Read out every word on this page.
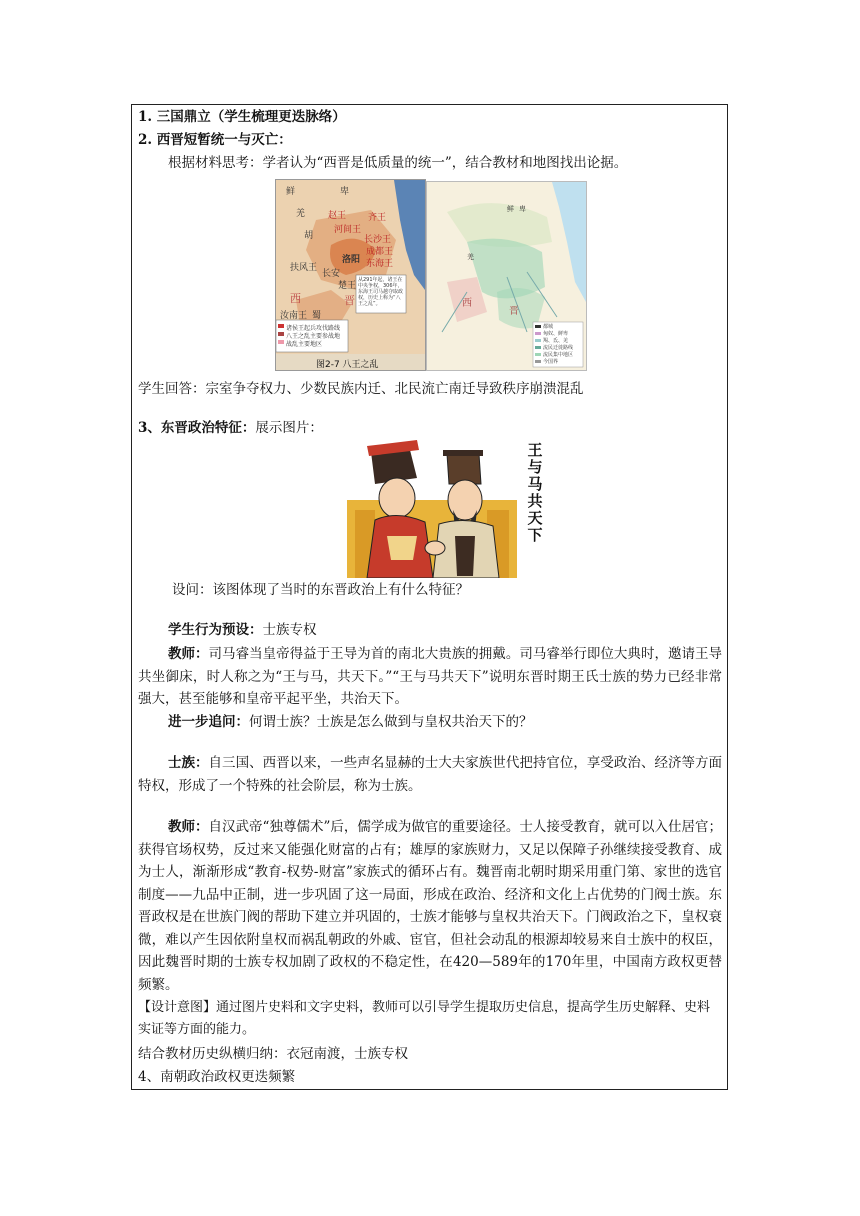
1. 三国鼎立（学生梳理更迭脉络）
2. 西晋短暂统一与灭亡：
根据材料思考：学者认为“西晋是低质量的统一”，结合教材和地图找出论据。
鲜	卑
羌
胡
赵王
河间王
齐王
长沙王
成都王
东海王
扶风王
长安
洛阳
楚王
西
汝南王 蜀
晋
诸侯王起兵攻伐路线
八王之乱主要参战地
战乱主要地区
从291年起，诸王在中央争权，306年，东海王司马越夺取政权，历史上称为“八王之乱”。
图2-7 八王之乱
鲜 卑
羌
西
晋
都城
匈奴、鲜卑
羯、氐、羌
流民迁徙路线
流民集中地区
今国界
学生回答：宗室争夺权力、少数民族内迁、北民流亡南迁导致秩序崩溃混乱
3、东晋政治特征：展示图片：
王
与
马
共
天
下
设问：该图体现了当时的东晋政治上有什么特征？
学生行为预设：士族专权

教师：司马睿当皇帝得益于王导为首的南北大贵族的拥戴。司马睿举行即位大典时，邀请王导共坐御床，时人称之为“王与马，共天下。”“王与马共天下”说明东晋时期王氏士族的势力已经非常强大，甚至能够和皇帝平起平坐，共治天下。

进一步追问：何谓士族？士族是怎么做到与皇权共治天下的？

士族：自三国、西晋以来，一些声名显赫的士大夫家族世代把持官位，享受政治、经济等方面特权，形成了一个特殊的社会阶层，称为士族。

教师：自汉武帝“独尊儒术”后，儒学成为做官的重要途径。士人接受教育，就可以入仕居官；获得官场权势，反过来又能强化财富的占有；雄厚的家族财力，又足以保障子孙继续接受教育、成为士人，渐渐形成“教育-权势-财富”家族式的循环占有。魏晋南北朝时期采用重门第、家世的选官制度——九品中正制，进一步巩固了这一局面，形成在政治、经济和文化上占优势的门阀士族。东晋政权是在世族门阀的帮助下建立并巩固的，士族才能够与皇权共治天下。门阀政治之下，皇权衰微，难以产生因依附皇权而祸乱朝政的外戚、宦官，但社会动乱的根源却较易来自士族中的权臣，因此魏晋时期的士族专权加剧了政权的不稳定性，在420—589年的170年里，中国南方政权更替频繁。

【设计意图】通过图片史料和文字史料，教师可以引导学生提取历史信息，提高学生历史解释、史料实证等方面的能力。
结合教材历史纵横归纳：衣冠南渡，士族专权
4、南朝政治政权更迭频繁
